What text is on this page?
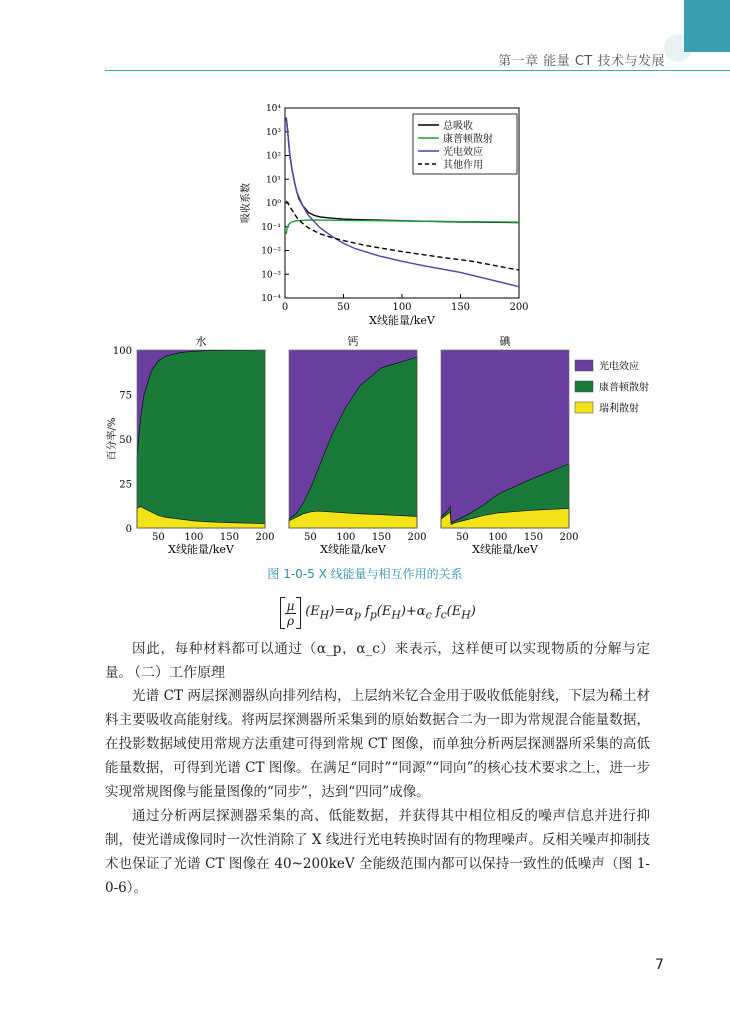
第一章 能量 CT 技术与发展
0	50	100	150	200
10⁻⁴
10⁻³
10⁻²
10⁻¹
10⁰
10¹
10²
10³
10⁴
吸收系数
X线能量/keV
总吸收
康普顿散射
光电效应
其他作用
百分率/%
水
50 100 150 200
X线能量/keV
0
25
50
75
100
钙
50 100 150 200
X线能量/keV
碘
50 100 150 200
X线能量/keV
光电效应
康普顿散射
瑞利散射
图 1-0-5 X 线能量与相互作用的关系
$\frac{\mu}{\rho} (E_H)=\alpha_p$ $f_p(E_H)+\alpha_c$ $f_c(E_H)$

因此，每种材料都可以通过（α_p，α_c）来表示，这样便可以实现物质的分解与定量。

（二）工作原理

光谱 CT 两层探测器纵向排列结构，上层纳米钇合金用于吸收低能射线，下层为稀土材料主要吸收高能射线。将两层探测器所采集到的原始数据合二为一即为常规混合能量数据，在投影数据域使用常规方法重建可得到常规 CT 图像，而单独分析两层探测器所采集的高低能量数据，可得到光谱 CT 图像。在满足“同时”“同源”“同向”的核心技术要求之上，进一步实现常规图像与能量图像的“同步”，达到“四同”成像。

通过分析两层探测器采集的高、低能数据，并获得其中相位相反的噪声信息并进行抑制，使光谱成像同时一次性消除了 X 线进行光电转换时固有的物理噪声。反相关噪声抑制技术也保证了光谱 CT 图像在 40~200keV 全能级范围内都可以保持一致性的低噪声（图 1-0-6）。

7
